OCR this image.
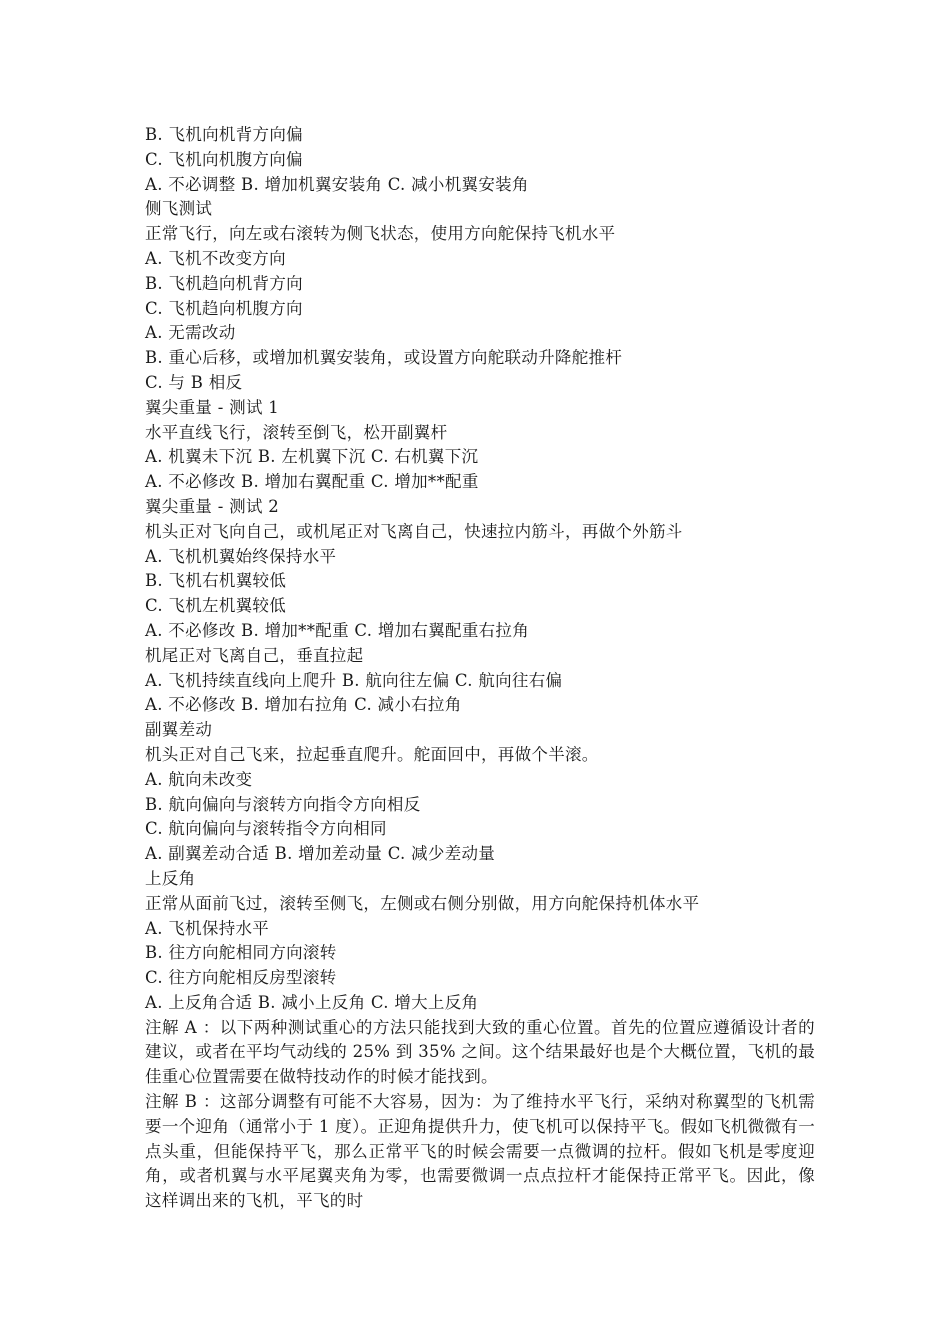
B. 飞机向机背方向偏
C. 飞机向机腹方向偏
A. 不必调整 B. 增加机翼安装角 C. 减小机翼安装角
侧飞测试
正常飞行，向左或右滚转为侧飞状态，使用方向舵保持飞机水平
A. 飞机不改变方向
B. 飞机趋向机背方向
C. 飞机趋向机腹方向
A. 无需改动
B. 重心后移，或增加机翼安装角，或设置方向舵联动升降舵推杆
C. 与 B 相反
翼尖重量 - 测试 1
水平直线飞行，滚转至倒飞，松开副翼杆
A. 机翼未下沉 B. 左机翼下沉 C. 右机翼下沉
A. 不必修改 B. 增加右翼配重 C. 增加**配重
翼尖重量 - 测试 2
机头正对飞向自己，或机尾正对飞离自己，快速拉内筋斗，再做个外筋斗
A. 飞机机翼始终保持水平
B. 飞机右机翼较低
C. 飞机左机翼较低
A. 不必修改 B. 增加**配重 C. 增加右翼配重右拉角
机尾正对飞离自己，垂直拉起
A. 飞机持续直线向上爬升 B. 航向往左偏 C. 航向往右偏
A. 不必修改 B. 增加右拉角 C. 减小右拉角
副翼差动
机头正对自己飞来，拉起垂直爬升。舵面回中，再做个半滚。
A. 航向未改变
B. 航向偏向与滚转方向指令方向相反
C. 航向偏向与滚转指令方向相同
A. 副翼差动合适 B. 增加差动量 C. 减少差动量
上反角
正常从面前飞过，滚转至侧飞，左侧或右侧分别做，用方向舵保持机体水平
A. 飞机保持水平
B. 往方向舵相同方向滚转
C. 往方向舵相反房型滚转
A. 上反角合适 B. 减小上反角 C. 增大上反角
注解 A ：以下两种测试重心的方法只能找到大致的重心位置。首先的位置应遵循设计者的建议，或者在平均气动线的 25% 到 35% 之间。这个结果最好也是个大概位置，飞机的最佳重心位置需要在做特技动作的时候才能找到。
注解 B ：这部分调整有可能不大容易，因为：为了维持水平飞行，采纳对称翼型的飞机需要一个迎角（通常小于 1 度）。正迎角提供升力，使飞机可以保持平飞。假如飞机微微有一点头重，但能保持平飞，那么正常平飞的时候会需要一点微调的拉杆。假如飞机是零度迎角，或者机翼与水平尾翼夹角为零，也需要微调一点点拉杆才能保持正常平飞。因此，像这样调出来的飞机，平飞的时
